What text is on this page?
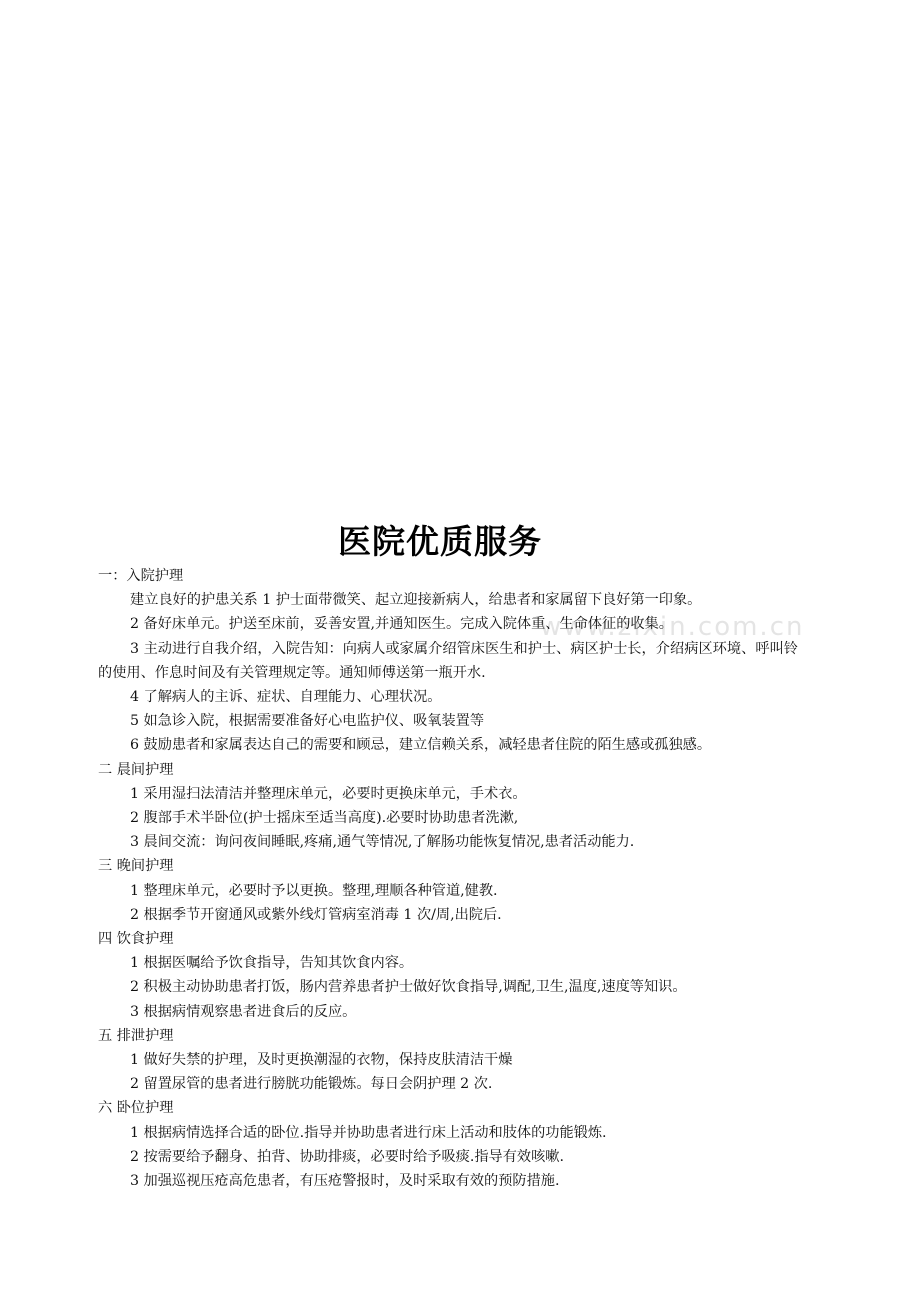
医院优质服务
www.zixin.com.cn
一：入院护理
建立良好的护患关系 1 护士面带微笑、起立迎接新病人，给患者和家属留下良好第一印象。
2 备好床单元。护送至床前，妥善安置,并通知医生。完成入院体重、生命体征的收集。
3 主动进行自我介绍，入院告知：向病人或家属介绍管床医生和护士、病区护士长，介绍病区环境、呼叫铃的使用、作息时间及有关管理规定等。通知师傅送第一瓶开水.
4 了解病人的主诉、症状、自理能力、心理状况。
5 如急诊入院，根据需要准备好心电监护仪、吸氧装置等
6 鼓励患者和家属表达自己的需要和顾忌，建立信赖关系，减轻患者住院的陌生感或孤独感。
二 晨间护理
1 采用湿扫法清洁并整理床单元，必要时更换床单元，手术衣。
2 腹部手术半卧位(护士摇床至适当高度).必要时协助患者洗漱,
3 晨间交流：询问夜间睡眠,疼痛,通气等情况,了解肠功能恢复情况,患者活动能力.
三 晚间护理
1 整理床单元，必要时予以更换。整理,理顺各种管道,健教.
2 根据季节开窗通风或紫外线灯管病室消毒 1 次/周,出院后.
四 饮食护理
1 根据医嘱给予饮食指导，告知其饮食内容。
2 积极主动协助患者打饭，肠内营养患者护士做好饮食指导,调配,卫生,温度,速度等知识。
3 根据病情观察患者进食后的反应。
五 排泄护理
1 做好失禁的护理，及时更换潮湿的衣物，保持皮肤清洁干燥
2 留置尿管的患者进行膀胱功能锻炼。每日会阴护理 2 次.
六 卧位护理
1 根据病情选择合适的卧位.指导并协助患者进行床上活动和肢体的功能锻炼.
2 按需要给予翻身、拍背、协助排痰，必要时给予吸痰.指导有效咳嗽.
3 加强巡视压疮高危患者，有压疮警报时，及时采取有效的预防措施.
